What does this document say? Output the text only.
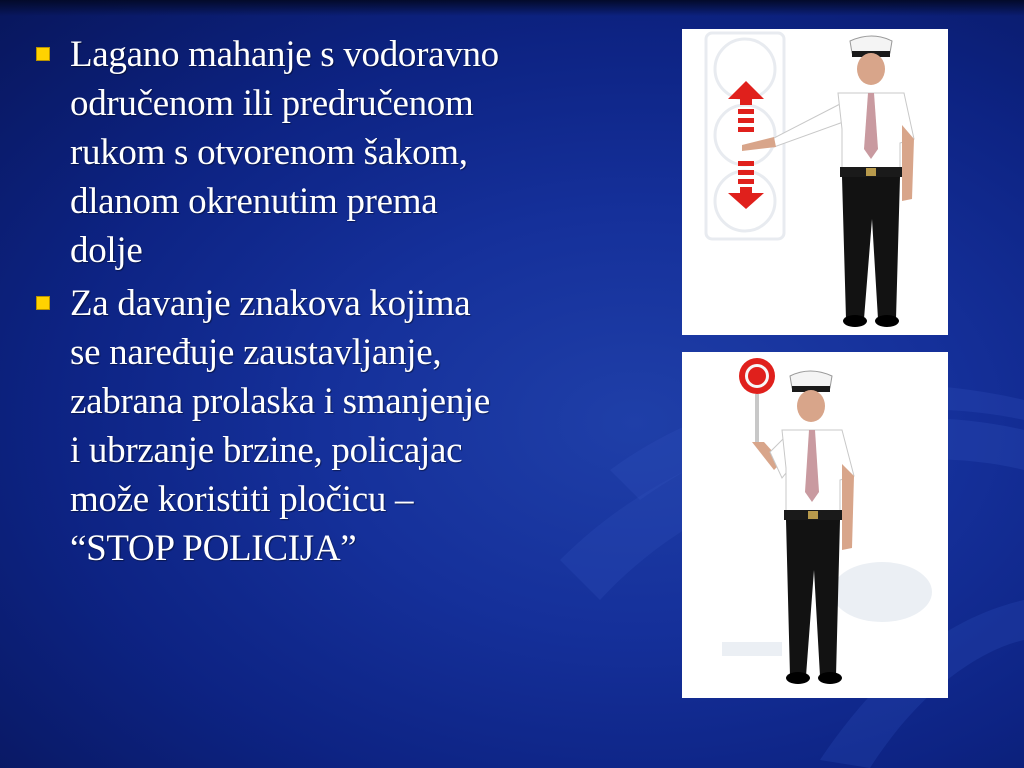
Lagano mahanje s vodoravno odručenom ili predručenom rukom s otvorenom šakom, dlanom okrenutim prema dolje
Za davanje znakova kojima se naređuje zaustavljanje, zabrana prolaska i smanjenje i ubrzanje brzine, policajac može koristiti pločicu – “STOP POLICIJA”
